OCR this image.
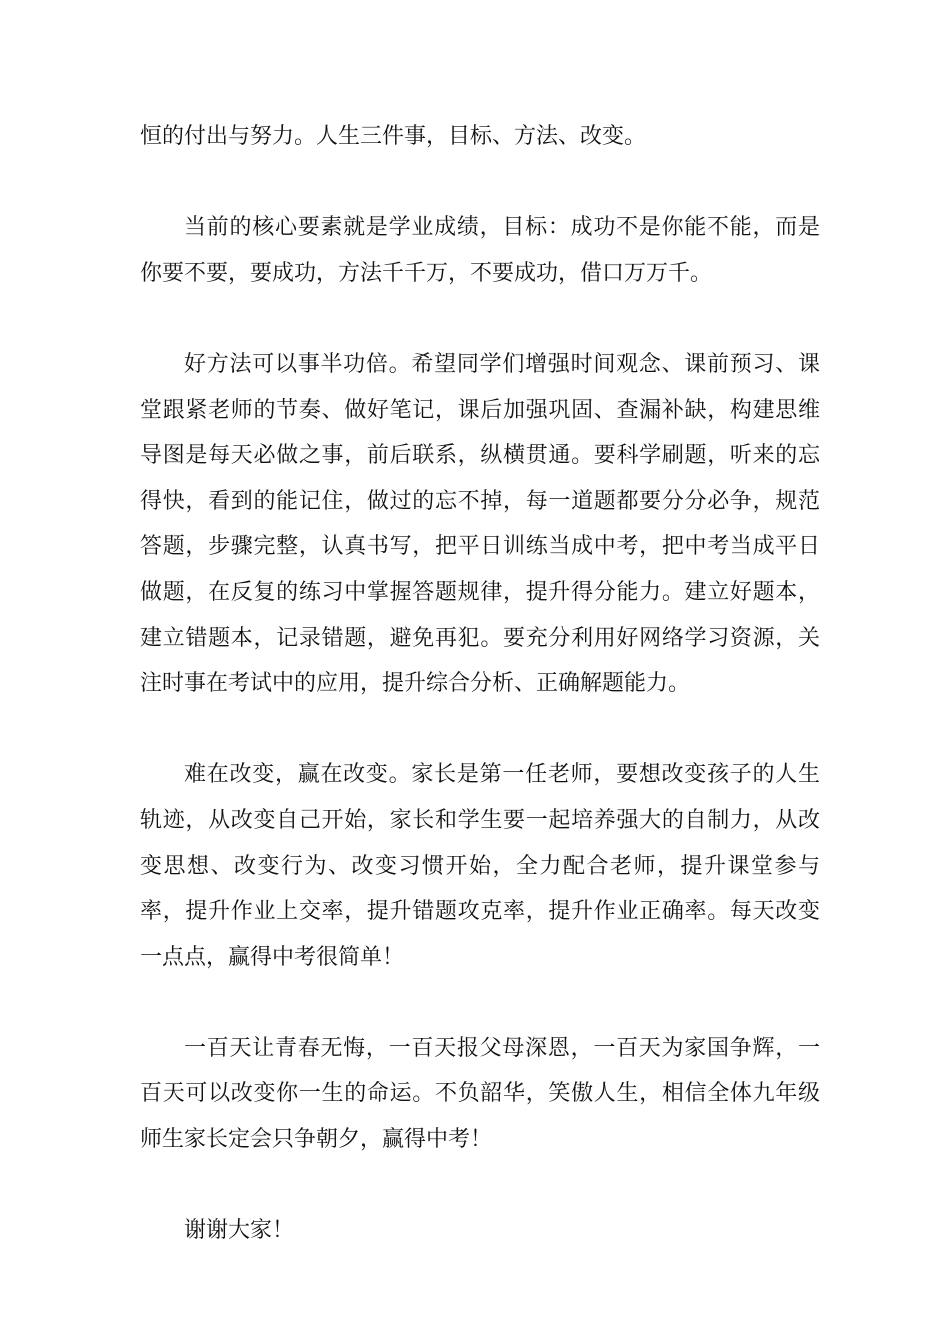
恒的付出与努力。人生三件事，目标、方法、改变。

当前的核心要素就是学业成绩，目标：成功不是你能不能，而是你要不要，要成功，方法千千万，不要成功，借口万万千。

好方法可以事半功倍。希望同学们增强时间观念、课前预习、课堂跟紧老师的节奏、做好笔记，课后加强巩固、查漏补缺，构建思维导图是每天必做之事，前后联系，纵横贯通。要科学刷题，听来的忘得快，看到的能记住，做过的忘不掉，每一道题都要分分必争，规范答题，步骤完整，认真书写，把平日训练当成中考，把中考当成平日做题，在反复的练习中掌握答题规律，提升得分能力。建立好题本，建立错题本，记录错题，避免再犯。要充分利用好网络学习资源，关注时事在考试中的应用，提升综合分析、正确解题能力。

难在改变，赢在改变。家长是第一任老师，要想改变孩子的人生轨迹，从改变自己开始，家长和学生要一起培养强大的自制力，从改变思想、改变行为、改变习惯开始，全力配合老师，提升课堂参与率，提升作业上交率，提升错题攻克率，提升作业正确率。每天改变一点点，赢得中考很简单！

一百天让青春无悔，一百天报父母深恩，一百天为家国争辉，一百天可以改变你一生的命运。不负韶华，笑傲人生，相信全体九年级师生家长定会只争朝夕，赢得中考！

谢谢大家！
